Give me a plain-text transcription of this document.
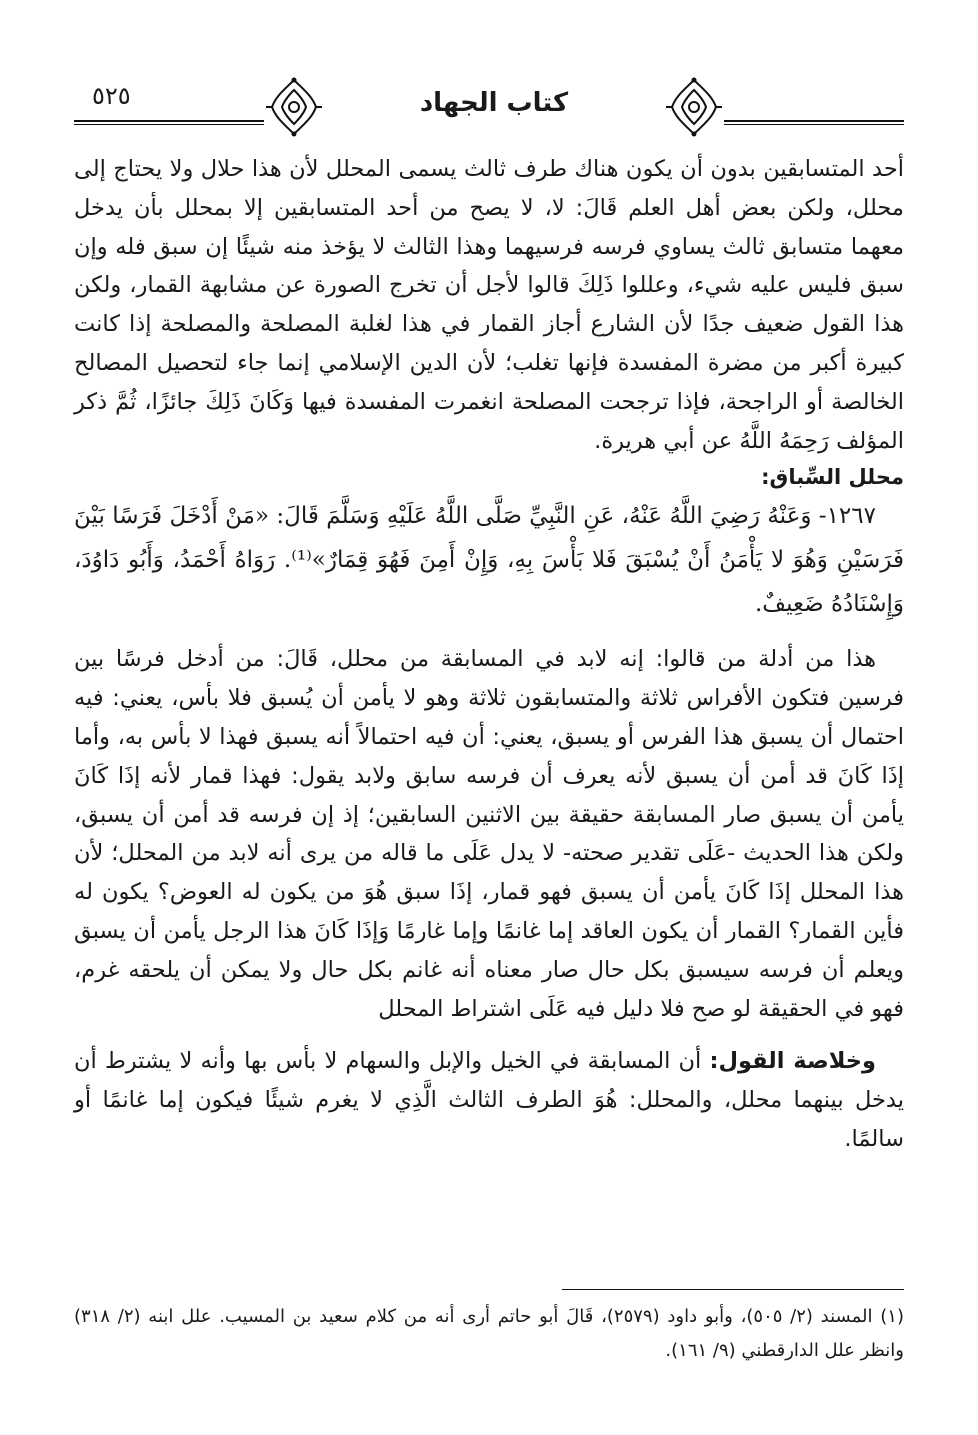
كتاب الجهاد
٥٢٥

أحد المتسابقين بدون أن يكون هناك طرف ثالث يسمى المحلل لأن هذا حلال ولا يحتاج إلى محلل، ولكن بعض أهل العلم قَالَ: لا، لا يصح من أحد المتسابقين إلا بمحلل بأن يدخل معهما متسابق ثالث يساوي فرسه فرسيهما وهذا الثالث لا يؤخذ منه شيئًا إن سبق فله وإن سبق فليس عليه شيء، وعللوا ذَلِكَ قالوا لأجل أن تخرج الصورة عن مشابهة القمار، ولكن هذا القول ضعيف جدًا لأن الشارع أجاز القمار في هذا لغلبة المصلحة والمصلحة إذا كانت كبيرة أكبر من مضرة المفسدة فإنها تغلب؛ لأن الدين الإسلامي إنما جاء لتحصيل المصالح الخالصة أو الراجحة، فإذا ترجحت المصلحة انغمرت المفسدة فيها وَكَانَ ذَلِكَ جائزًا، ثُمَّ ذكر المؤلف رَحِمَهُ اللَّهُ عن أبي هريرة.

محلل السِّباق:

١٢٦٧- وَعَنْهُ رَضِيَ اللَّهُ عَنْهُ، عَنِ النَّبِيِّ صَلَّى اللَّهُ عَلَيْهِ وَسَلَّمَ قَالَ: «مَنْ أَدْخَلَ فَرَسًا بَيْنَ فَرَسَيْنِ وَهُوَ لا يَأْمَنُ أَنْ يُسْبَقَ فَلا بَأْسَ بِهِ، وَإِنْ أَمِنَ فَهُوَ قِمَارٌ»⁽¹⁾. رَوَاهُ أَحْمَدُ، وَأَبُو دَاوُدَ، وَإِسْنَادُهُ ضَعِيفٌ.

هذا من أدلة من قالوا: إنه لابد في المسابقة من محلل، قَالَ: من أدخل فرسًا بين فرسين فتكون الأفراس ثلاثة والمتسابقون ثلاثة وهو لا يأمن أن يُسبق فلا بأس، يعني: فيه احتمال أن يسبق هذا الفرس أو يسبق، يعني: أن فيه احتمالاً أنه يسبق فهذا لا بأس به، وأما إذَا كَانَ قد أمن أن يسبق لأنه يعرف أن فرسه سابق ولابد يقول: فهذا قمار لأنه إذَا كَانَ يأمن أن يسبق صار المسابقة حقيقة بين الاثنين السابقين؛ إذ إن فرسه قد أمن أن يسبق، ولكن هذا الحديث -عَلَى تقدير صحته- لا يدل عَلَى ما قاله من يرى أنه لابد من المحلل؛ لأن هذا المحلل إذَا كَانَ يأمن أن يسبق فهو قمار، إذَا سبق هُوَ من يكون له العوض؟ يكون له فأين القمار؟ القمار أن يكون العاقد إما غانمًا وإما غارمًا وَإذَا كَانَ هذا الرجل يأمن أن يسبق ويعلم أن فرسه سيسبق بكل حال صار معناه أنه غانم بكل حال ولا يمكن أن يلحقه غرم، فهو في الحقيقة لو صح فلا دليل فيه عَلَى اشتراط المحلل

وخلاصة القول: أن المسابقة في الخيل والإبل والسهام لا بأس بها وأنه لا يشترط أن يدخل بينهما محلل، والمحلل: هُوَ الطرف الثالث الَّذِي لا يغرم شيئًا فيكون إما غانمًا أو سالمًا.

(١) المسند (٢/ ٥٠٥)، وأبو داود (٢٥٧٩)، قَالَ أبو حاتم أرى أنه من كلام سعيد بن المسيب. علل ابنه (٢/ ٣١٨) وانظر علل الدارقطني (٩/ ١٦١).
